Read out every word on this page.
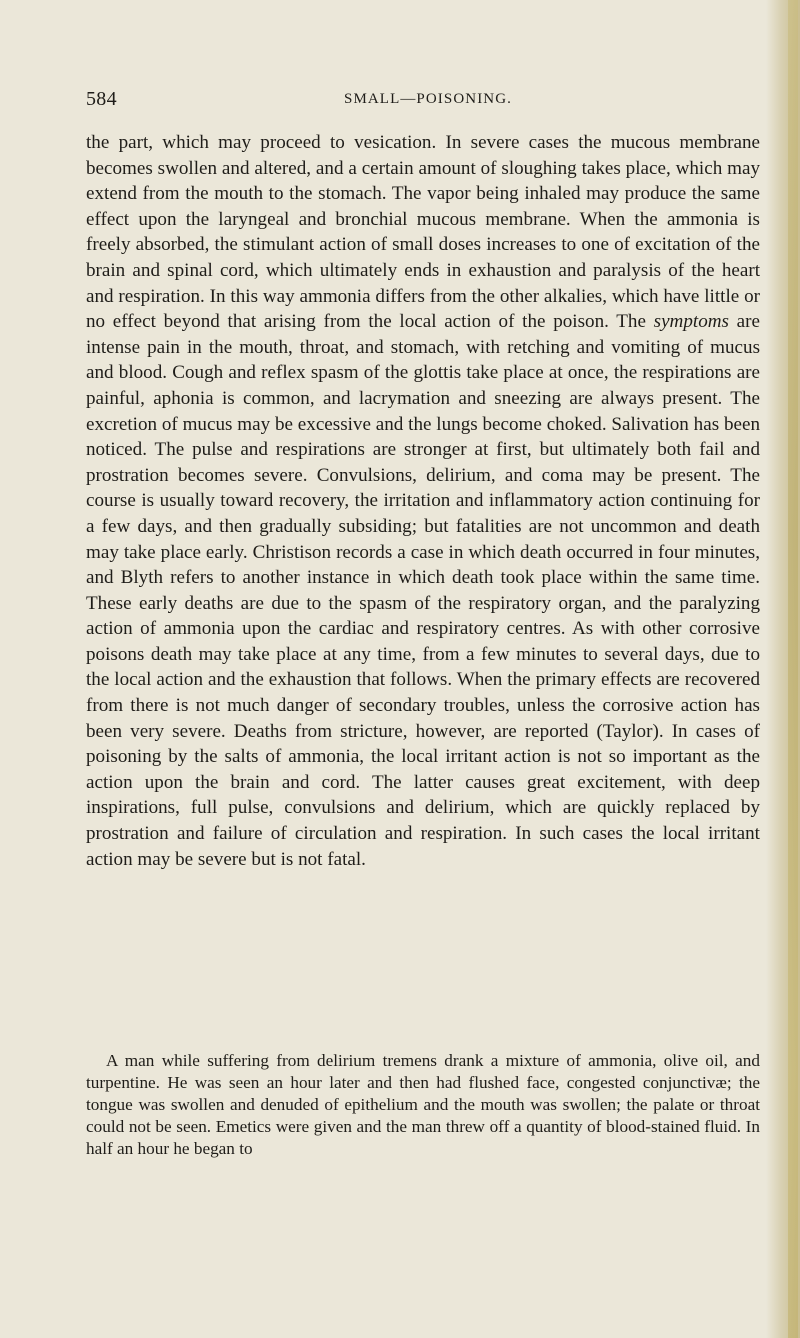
584	SMALL—POISONING.

the part, which may proceed to vesication. In severe cases the mucous membrane becomes swollen and altered, and a certain amount of sloughing takes place, which may extend from the mouth to the stomach. The vapor being inhaled may produce the same effect upon the laryngeal and bronchial mucous membrane. When the ammonia is freely absorbed, the stimulant action of small doses increases to one of excitation of the brain and spinal cord, which ultimately ends in exhaustion and paralysis of the heart and respiration. In this way ammonia differs from the other alkalies, which have little or no effect beyond that arising from the local action of the poison. The symptoms are intense pain in the mouth, throat, and stomach, with retching and vomiting of mucus and blood. Cough and reflex spasm of the glottis take place at once, the respirations are painful, aphonia is common, and lacrymation and sneezing are always present. The excretion of mucus may be excessive and the lungs become choked. Salivation has been noticed. The pulse and respirations are stronger at first, but ultimately both fail and prostration becomes severe. Convulsions, delirium, and coma may be present. The course is usually toward recovery, the irritation and inflammatory action continuing for a few days, and then gradually subsiding; but fatalities are not uncommon and death may take place early. Christison records a case in which death occurred in four minutes, and Blyth refers to another instance in which death took place within the same time. These early deaths are due to the spasm of the respiratory organ, and the paralyzing action of ammonia upon the cardiac and respiratory centres. As with other corrosive poisons death may take place at any time, from a few minutes to several days, due to the local action and the exhaustion that follows. When the primary effects are recovered from there is not much danger of secondary troubles, unless the corrosive action has been very severe. Deaths from stricture, however, are reported (Taylor). In cases of poisoning by the salts of ammonia, the local irritant action is not so important as the action upon the brain and cord. The latter causes great excitement, with deep inspirations, full pulse, convulsions and delirium, which are quickly replaced by prostration and failure of circulation and respiration. In such cases the local irritant action may be severe but is not fatal.

A man while suffering from delirium tremens drank a mixture of ammonia, olive oil, and turpentine. He was seen an hour later and then had flushed face, congested conjunctivæ; the tongue was swollen and denuded of epithelium and the mouth was swollen; the palate or throat could not be seen. Emetics were given and the man threw off a quantity of blood-stained fluid. In half an hour he began to
